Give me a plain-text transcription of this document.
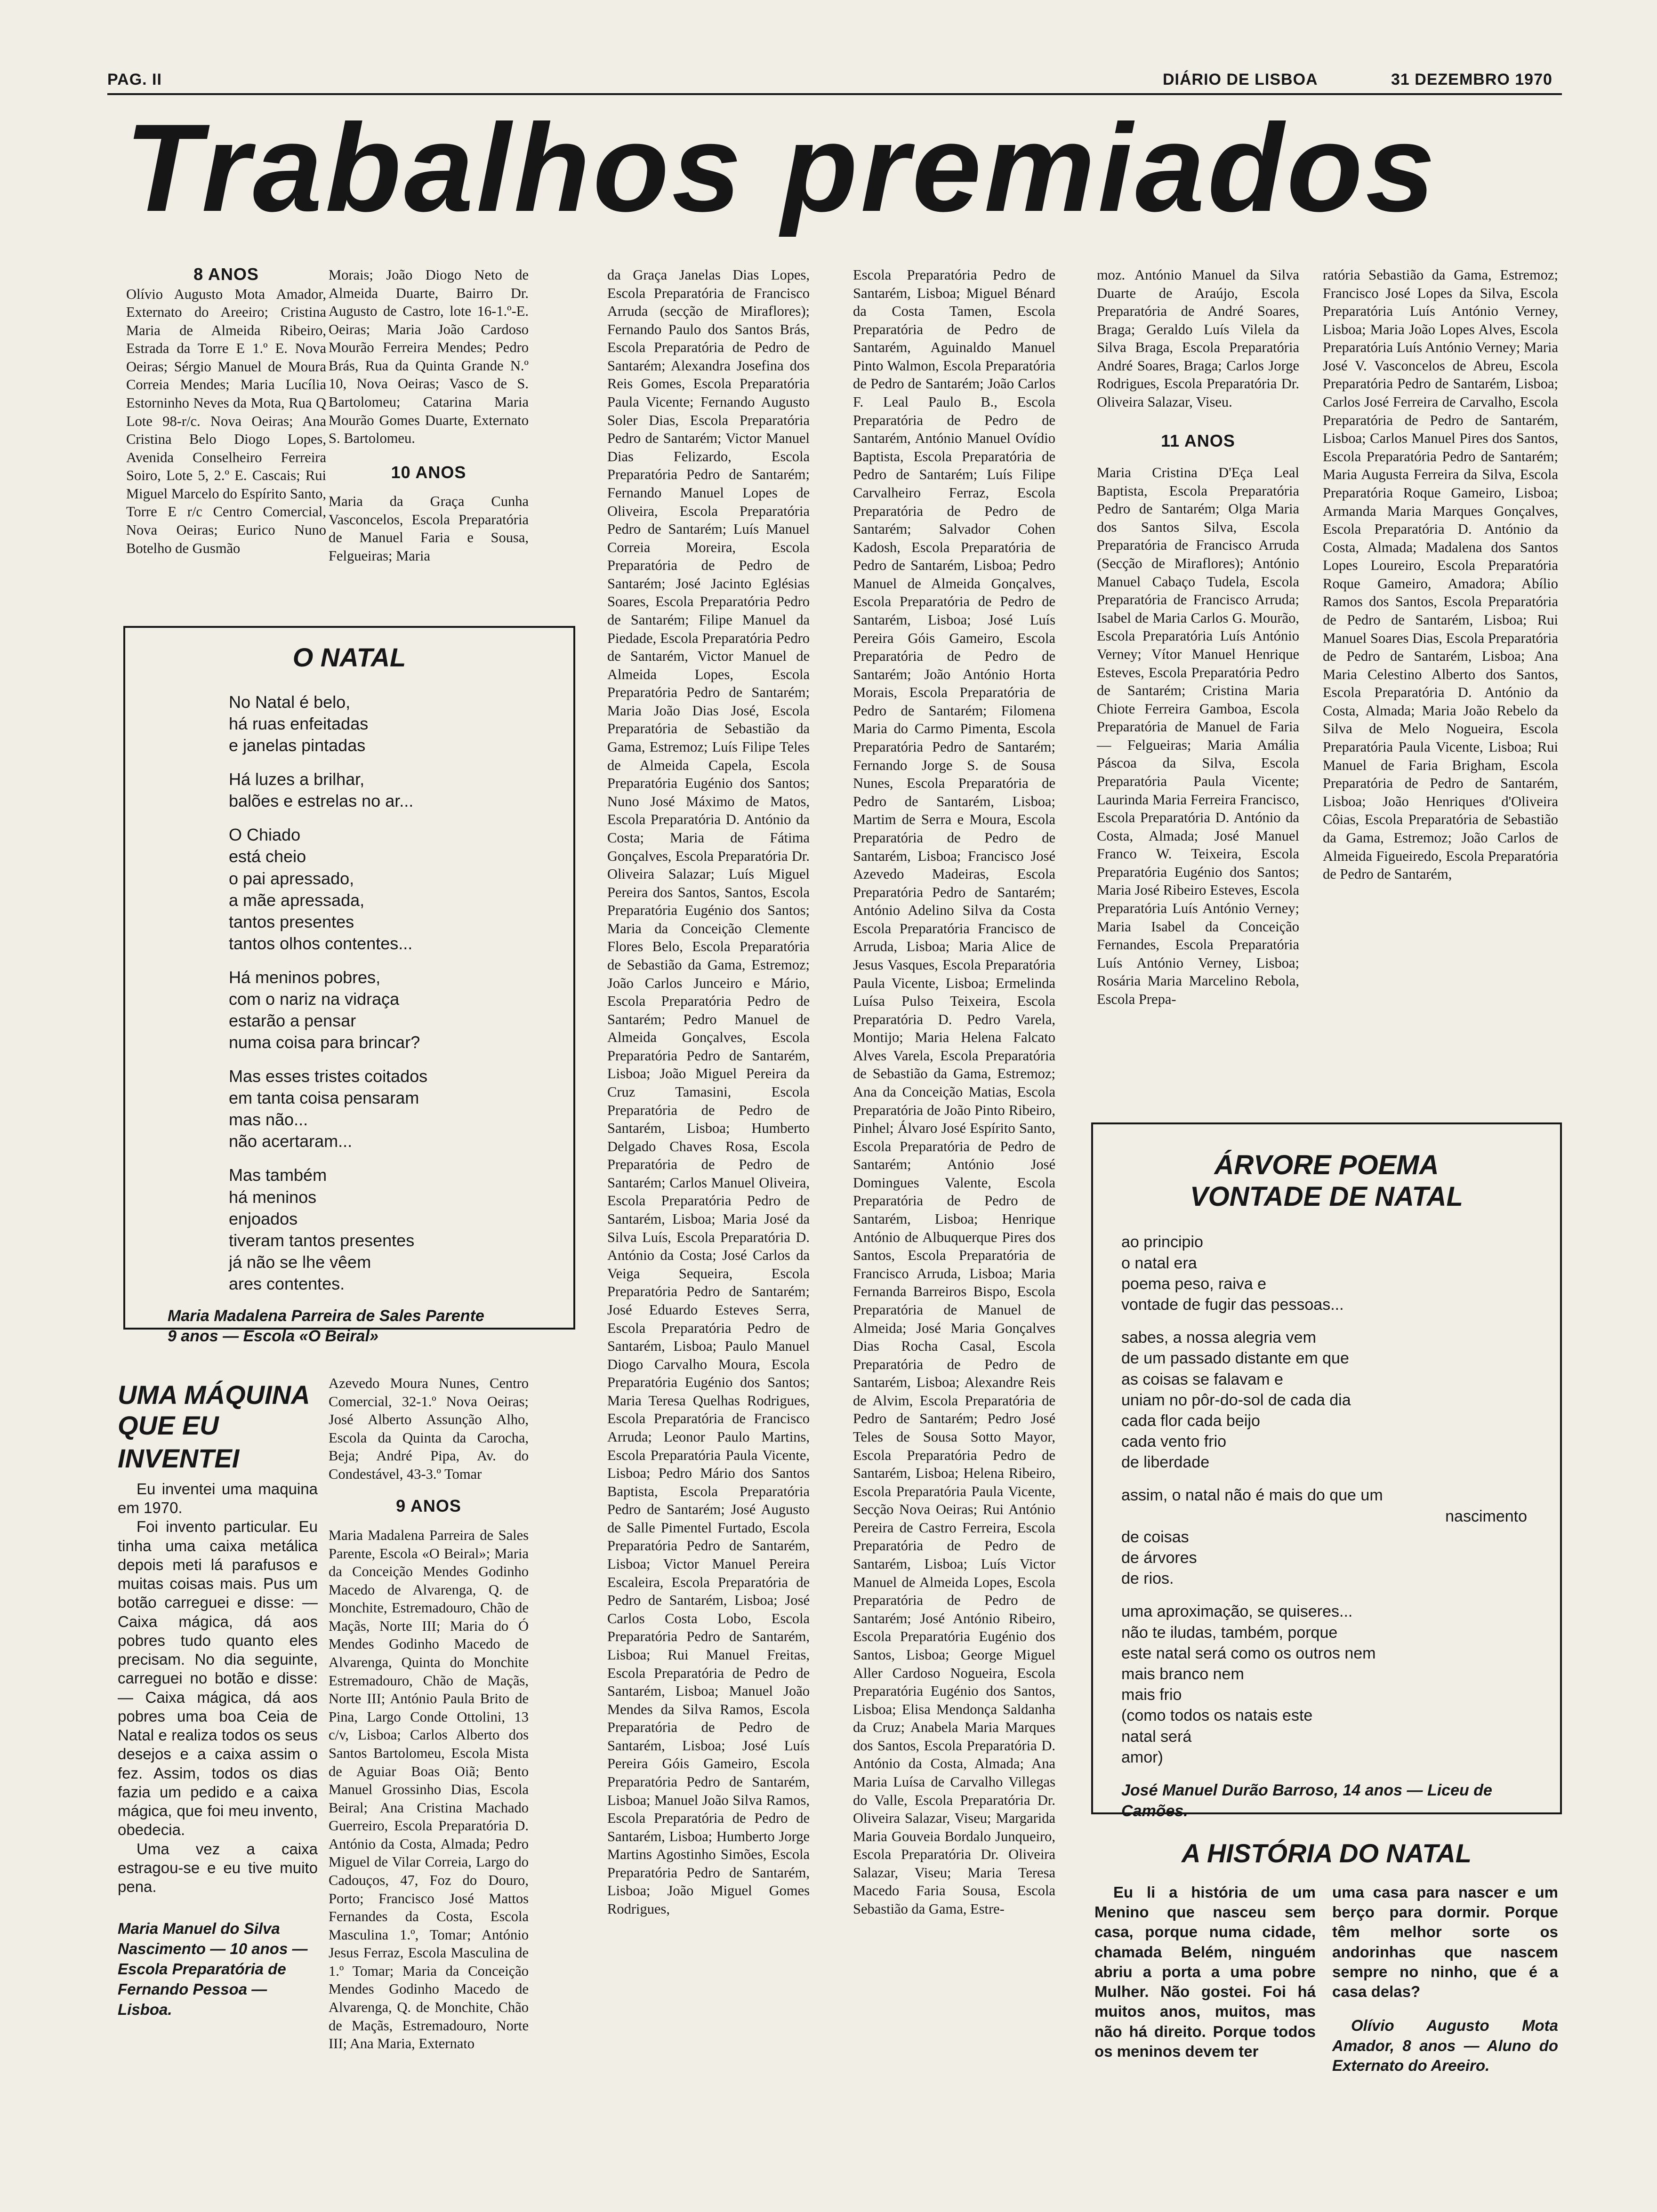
PAG. II	DIÁRIO DE LISBOA	31 DEZEMBRO 1970
Trabalhos premiados

8 ANOS

Olívio Augusto Mota Amador, Externato do Areeiro; Cristina Maria de Almeida Ribeiro, Estrada da Torre E 1.º E. Nova Oeiras; Sérgio Manuel de Moura Correia Mendes; Maria Lucília Estorninho Neves da Mota, Rua Q Lote 98-r/c. Nova Oeiras; Ana Cristina Belo Diogo Lopes, Avenida Conselheiro Ferreira Soiro, Lote 5, 2.º E. Cascais; Rui Miguel Marcelo do Espírito Santo, Torre E r/c Centro Comercial, Nova Oeiras; Eurico Nuno Botelho de Gusmão

Morais; João Diogo Neto de Almeida Duarte, Bairro Dr. Augusto de Castro, lote 16-1.º-E. Oeiras; Maria João Cardoso Mourão Ferreira Mendes; Pedro Brás, Rua da Quinta Grande N.º 10, Nova Oeiras; Vasco de S. Bartolomeu; Catarina Maria Mourão Gomes Duarte, Externato S. Bartolomeu.

10 ANOS

Maria da Graça Cunha Vasconcelos, Escola Preparatória de Manuel Faria e Sousa, Felgueiras; Maria

O NATAL

No Natal é belo,

há ruas enfeitadas

e janelas pintadas

Há luzes a brilhar,

balões e estrelas no ar...

O Chiado

está cheio

o pai apressado,

a mãe apressada,

tantos presentes

tantos olhos contentes...

Há meninos pobres,

com o nariz na vidraça

estarão a pensar

numa coisa para brincar?

Mas esses tristes coitados

em tanta coisa pensaram

mas não...

não acertaram...

Mas também

há meninos

enjoados

tiveram tantos presentes

já não se lhe vêem

ares contentes.

Maria Madalena Parreira de Sales Parente

9 anos — Escola «O Beiral»

UMA MÁQUINA

QUE EU INVENTEI

Eu inventei uma maquina em 1970.

Foi invento particular. Eu tinha uma caixa metálica depois meti lá parafusos e muitas coisas mais. Pus um botão carreguei e disse: — Caixa mágica, dá aos pobres tudo quanto eles precisam. No dia seguinte, carreguei no botão e disse: — Caixa mágica, dá aos pobres uma boa Ceia de Natal e realiza todos os seus desejos e a caixa assim o fez. Assim, todos os dias fazia um pedido e a caixa mágica, que foi meu invento, obedecia.

Uma vez a caixa estragou-se e eu tive muito pena.

Maria Manuel do Silva Nascimento — 10 anos — Escola Preparatória de Fernando Pessoa — Lisboa.

Azevedo Moura Nunes, Centro Comercial, 32-1.º Nova Oeiras; José Alberto Assunção Alho, Escola da Quinta da Carocha, Beja; André Pipa, Av. do Condestável, 43-3.º Tomar

9 ANOS

Maria Madalena Parreira de Sales Parente, Escola «O Beiral»; Maria da Conceição Mendes Godinho Macedo de Alvarenga, Q. de Monchite, Estremadouro, Chão de Maçãs, Norte III; Maria do Ó Mendes Godinho Macedo de Alvarenga, Quinta do Monchite Estremadouro, Chão de Maçãs, Norte III; António Paula Brito de Pina, Largo Conde Ottolini, 13 c/v, Lisboa; Carlos Alberto dos Santos Bartolomeu, Escola Mista de Aguiar Boas Oiã; Bento Manuel Grossinho Dias, Escola Beiral; Ana Cristina Machado Guerreiro, Escola Preparatória D. António da Costa, Almada; Pedro Miguel de Vilar Correia, Largo do Cadouços, 47, Foz do Douro, Porto; Francisco José Mattos Fernandes da Costa, Escola Masculina 1.º, Tomar; António Jesus Ferraz, Escola Masculina de 1.º Tomar; Maria da Conceição Mendes Godinho Macedo de Alvarenga, Q. de Monchite, Chão de Maçãs, Estremadouro, Norte III; Ana Maria, Externato

da Graça Janelas Dias Lopes, Escola Preparatória de Francisco Arruda (secção de Miraflores); Fernando Paulo dos Santos Brás, Escola Preparatória de Pedro de Santarém; Alexandra Josefina dos Reis Gomes, Escola Preparatória Paula Vicente; Fernando Augusto Soler Dias, Escola Preparatória Pedro de Santarém; Victor Manuel Dias Felizardo, Escola Preparatória Pedro de Santarém; Fernando Manuel Lopes de Oliveira, Escola Preparatória Pedro de Santarém; Luís Manuel Correia Moreira, Escola Preparatória de Pedro de Santarém; José Jacinto Eglésias Soares, Escola Preparatória Pedro de Santarém; Filipe Manuel da Piedade, Escola Preparatória Pedro de Santarém, Victor Manuel de Almeida Lopes, Escola Preparatória Pedro de Santarém; Maria João Dias José, Escola Preparatória de Sebastião da Gama, Estremoz; Luís Filipe Teles de Almeida Capela, Escola Preparatória Eugénio dos Santos; Nuno José Máximo de Matos, Escola Preparatória D. António da Costa; Maria de Fátima Gonçalves, Escola Preparatória Dr. Oliveira Salazar; Luís Miguel Pereira dos Santos, Santos, Escola Preparatória Eugénio dos Santos; Maria da Conceição Clemente Flores Belo, Escola Preparatória de Sebastião da Gama, Estremoz; João Carlos Junceiro e Mário, Escola Preparatória Pedro de Santarém; Pedro Manuel de Almeida Gonçalves, Escola Preparatória Pedro de Santarém, Lisboa; João Miguel Pereira da Cruz Tamasini, Escola Preparatória de Pedro de Santarém, Lisboa; Humberto Delgado Chaves Rosa, Escola Preparatória de Pedro de Santarém; Carlos Manuel Oliveira, Escola Preparatória Pedro de Santarém, Lisboa; Maria José da Silva Luís, Escola Preparatória D. António da Costa; José Carlos da Veiga Sequeira, Escola Preparatória Pedro de Santarém; José Eduardo Esteves Serra, Escola Preparatória Pedro de Santarém, Lisboa; Paulo Manuel Diogo Carvalho Moura, Escola Preparatória Eugénio dos Santos; Maria Teresa Quelhas Rodrigues, Escola Preparatória de Francisco Arruda; Leonor Paulo Martins, Escola Preparatória Paula Vicente, Lisboa; Pedro Mário dos Santos Baptista, Escola Preparatória Pedro de Santarém; José Augusto de Salle Pimentel Furtado, Escola Preparatória Pedro de Santarém, Lisboa; Victor Manuel Pereira Escaleira, Escola Preparatória de Pedro de Santarém, Lisboa; José Carlos Costa Lobo, Escola Preparatória Pedro de Santarém, Lisboa; Rui Manuel Freitas, Escola Preparatória de Pedro de Santarém, Lisboa; Manuel João Mendes da Silva Ramos, Escola Preparatória de Pedro de Santarém, Lisboa; José Luís Pereira Góis Gameiro, Escola Preparatória Pedro de Santarém, Lisboa; Manuel João Silva Ramos, Escola Preparatória de Pedro de Santarém, Lisboa; Humberto Jorge Martins Agostinho Simões, Escola Preparatória Pedro de Santarém, Lisboa; João Miguel Gomes Rodrigues,

Escola Preparatória Pedro de Santarém, Lisboa; Miguel Bénard da Costa Tamen, Escola Preparatória de Pedro de Santarém, Aguinaldo Manuel Pinto Walmon, Escola Preparatória de Pedro de Santarém; João Carlos F. Leal Paulo B., Escola Preparatória de Pedro de Santarém, António Manuel Ovídio Baptista, Escola Preparatória de Pedro de Santarém; Luís Filipe Carvalheiro Ferraz, Escola Preparatória de Pedro de Santarém; Salvador Cohen Kadosh, Escola Preparatória de Pedro de Santarém, Lisboa; Pedro Manuel de Almeida Gonçalves, Escola Preparatória de Pedro de Santarém, Lisboa; José Luís Pereira Góis Gameiro, Escola Preparatória de Pedro de Santarém; João António Horta Morais, Escola Preparatória de Pedro de Santarém; Filomena Maria do Carmo Pimenta, Escola Preparatória Pedro de Santarém; Fernando Jorge S. de Sousa Nunes, Escola Preparatória de Pedro de Santarém, Lisboa; Martim de Serra e Moura, Escola Preparatória de Pedro de Santarém, Lisboa; Francisco José Azevedo Madeiras, Escola Preparatória Pedro de Santarém; António Adelino Silva da Costa Escola Preparatória Francisco de Arruda, Lisboa; Maria Alice de Jesus Vasques, Escola Preparatória Paula Vicente, Lisboa; Ermelinda Luísa Pulso Teixeira, Escola Preparatória D. Pedro Varela, Montijo; Maria Helena Falcato Alves Varela, Escola Preparatória de Sebastião da Gama, Estremoz; Ana da Conceição Matias, Escola Preparatória de João Pinto Ribeiro, Pinhel; Álvaro José Espírito Santo, Escola Preparatória de Pedro de Santarém; António José Domingues Valente, Escola Preparatória de Pedro de Santarém, Lisboa; Henrique António de Albuquerque Pires dos Santos, Escola Preparatória de Francisco Arruda, Lisboa; Maria Fernanda Barreiros Bispo, Escola Preparatória de Manuel de Almeida; José Maria Gonçalves Dias Rocha Casal, Escola Preparatória de Pedro de Santarém, Lisboa; Alexandre Reis de Alvim, Escola Preparatória de Pedro de Santarém; Pedro José Teles de Sousa Sotto Mayor, Escola Preparatória Pedro de Santarém, Lisboa; Helena Ribeiro, Escola Preparatória Paula Vicente, Secção Nova Oeiras; Rui António Pereira de Castro Ferreira, Escola Preparatória de Pedro de Santarém, Lisboa; Luís Victor Manuel de Almeida Lopes, Escola Preparatória de Pedro de Santarém; José António Ribeiro, Escola Preparatória Eugénio dos Santos, Lisboa; George Miguel Aller Cardoso Nogueira, Escola Preparatória Eugénio dos Santos, Lisboa; Elisa Mendonça Saldanha da Cruz; Anabela Maria Marques dos Santos, Escola Preparatória D. António da Costa, Almada; Ana Maria Luísa de Carvalho Villegas do Valle, Escola Preparatória Dr. Oliveira Salazar, Viseu; Margarida Maria Gouveia Bordalo Junqueiro, Escola Preparatória Dr. Oliveira Salazar, Viseu; Maria Teresa Macedo Faria Sousa, Escola Sebastião da Gama, Estre-

moz. António Manuel da Silva Duarte de Araújo, Escola Preparatória de André Soares, Braga; Geraldo Luís Vilela da Silva Braga, Escola Preparatória André Soares, Braga; Carlos Jorge Rodrigues, Escola Preparatória Dr. Oliveira Salazar, Viseu.

11 ANOS

Maria Cristina D'Eça Leal Baptista, Escola Preparatória Pedro de Santarém; Olga Maria dos Santos Silva, Escola Preparatória de Francisco Arruda (Secção de Miraflores); António Manuel Cabaço Tudela, Escola Preparatória de Francisco Arruda; Isabel de Maria Carlos G. Mourão, Escola Preparatória Luís António Verney; Vítor Manuel Henrique Esteves, Escola Preparatória Pedro de Santarém; Cristina Maria Chiote Ferreira Gamboa, Escola Preparatória de Manuel de Faria — Felgueiras; Maria Amália Páscoa da Silva, Escola Preparatória Paula Vicente; Laurinda Maria Ferreira Francisco, Escola Preparatória D. António da Costa, Almada; José Manuel Franco W. Teixeira, Escola Preparatória Eugénio dos Santos; Maria José Ribeiro Esteves, Escola Preparatória Luís António Verney; Maria Isabel da Conceição Fernandes, Escola Preparatória Luís António Verney, Lisboa; Rosária Maria Marcelino Rebola, Escola Prepa-

ratória Sebastião da Gama, Estremoz; Francisco José Lopes da Silva, Escola Preparatória Luís António Verney, Lisboa; Maria João Lopes Alves, Escola Preparatória Luís António Verney; Maria José V. Vasconcelos de Abreu, Escola Preparatória Pedro de Santarém, Lisboa; Carlos José Ferreira de Carvalho, Escola Preparatória de Pedro de Santarém, Lisboa; Carlos Manuel Pires dos Santos, Escola Preparatória Pedro de Santarém; Maria Augusta Ferreira da Silva, Escola Preparatória Roque Gameiro, Lisboa; Armanda Maria Marques Gonçalves, Escola Preparatória D. António da Costa, Almada; Madalena dos Santos Lopes Loureiro, Escola Preparatória Roque Gameiro, Amadora; Abílio Ramos dos Santos, Escola Preparatória de Pedro de Santarém, Lisboa; Rui Manuel Soares Dias, Escola Preparatória de Pedro de Santarém, Lisboa; Ana Maria Celestino Alberto dos Santos, Escola Preparatória D. António da Costa, Almada; Maria João Rebelo da Silva de Melo Nogueira, Escola Preparatória Paula Vicente, Lisboa; Rui Manuel de Faria Brigham, Escola Preparatória de Pedro de Santarém, Lisboa; João Henriques d'Oliveira Côias, Escola Preparatória de Sebastião da Gama, Estremoz; João Carlos de Almeida Figueiredo, Escola Preparatória de Pedro de Santarém,

ÁRVORE POEMA
VONTADE DE NATAL

ao principio

o natal era

poema peso, raiva e

vontade de fugir das pessoas...

sabes, a nossa alegria vem

de um passado distante em que

as coisas se falavam e

uniam no pôr-do-sol de cada dia

cada flor cada beijo

cada vento frio

de liberdade

assim, o natal não é mais do que um

nascimento

de coisas

de árvores

de rios.

uma aproximação, se quiseres...

não te iludas, também, porque

este natal será como os outros nem

mais branco nem

mais frio

(como todos os natais este

natal será

amor)

José Manuel Durão Barroso, 14 anos — Liceu de Camões.

A HISTÓRIA DO NATAL

Eu li a história de um Menino que nasceu sem casa, porque numa cidade, chamada Belém, ninguém abriu a porta a uma pobre Mulher. Não gostei. Foi há muitos anos, muitos, mas não há direito. Porque todos os meninos devem ter

uma casa para nascer e um berço para dormir. Porque têm melhor sorte os andorinhas que nascem sempre no ninho, que é a casa delas?

Olívio Augusto Mota Amador, 8 anos — Aluno do Externato do Areeiro.
